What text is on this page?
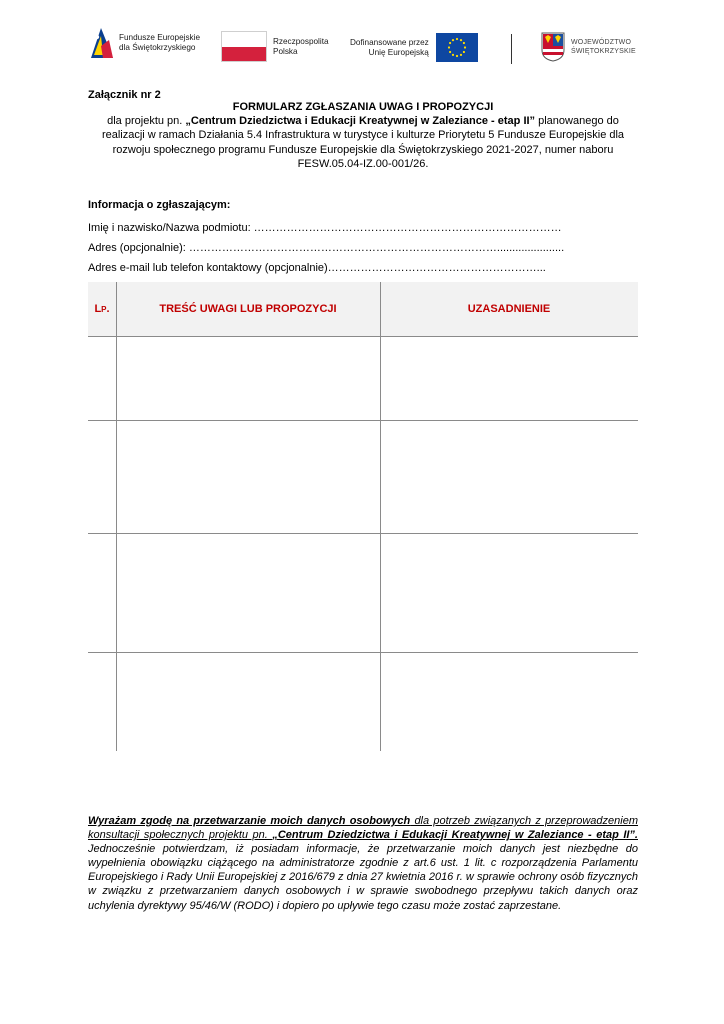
Fundusze Europejskie
dla Świętokrzyskiego
Rzeczpospolita
Polska
Dofinansowane przez
Unię Europejską
WOJEWÓDZTWO
ŚWIĘTOKRZYSKIE
Załącznik nr 2
FORMULARZ ZGŁASZANIA UWAG I PROPOZYCJI
dla projektu pn. „Centrum Dziedzictwa i Edukacji Kreatywnej w Zaleziance - etap II” planowanego do realizacji w ramach Działania 5.4 Infrastruktura w turystyce i kulturze Priorytetu 5 Fundusze Europejskie dla rozwoju społecznego programu Fundusze Europejskie dla Świętokrzyskiego 2021-2027, numer naboru FESW.05.04-IZ.00-001/26.
Informacja o zgłaszającym:
Imię i nazwisko/Nazwa podmiotu: …………………………………………………………………………
Adres (opcjonalnie): …………………………………………………………………………......................
Adres e-mail lub telefon kontaktowy (opcjonalnie)…………………………………………………...
Lp.	TREŚĆ UWAGI LUB PROPOZYCJI	UZASADNIENIE
Wyrażam zgodę na przetwarzanie moich danych osobowych dla potrzeb związanych z przeprowadzeniem konsultacji społecznych projektu pn. „Centrum Dziedzictwa i Edukacji Kreatywnej w Zaleziance - etap II”. Jednocześnie potwierdzam, iż posiadam informacje, że przetwarzanie moich danych jest niezbędne do wypełnienia obowiązku ciążącego na administratorze zgodnie z art.6 ust. 1 lit. c rozporządzenia Parlamentu Europejskiego i Rady Unii Europejskiej z 2016/679 z dnia 27 kwietnia 2016 r. w sprawie ochrony osób fizycznych w związku z przetwarzaniem danych osobowych i w sprawie swobodnego przepływu takich danych oraz uchylenia dyrektywy 95/46/W (RODO) i dopiero po upływie tego czasu może zostać zaprzestane.
